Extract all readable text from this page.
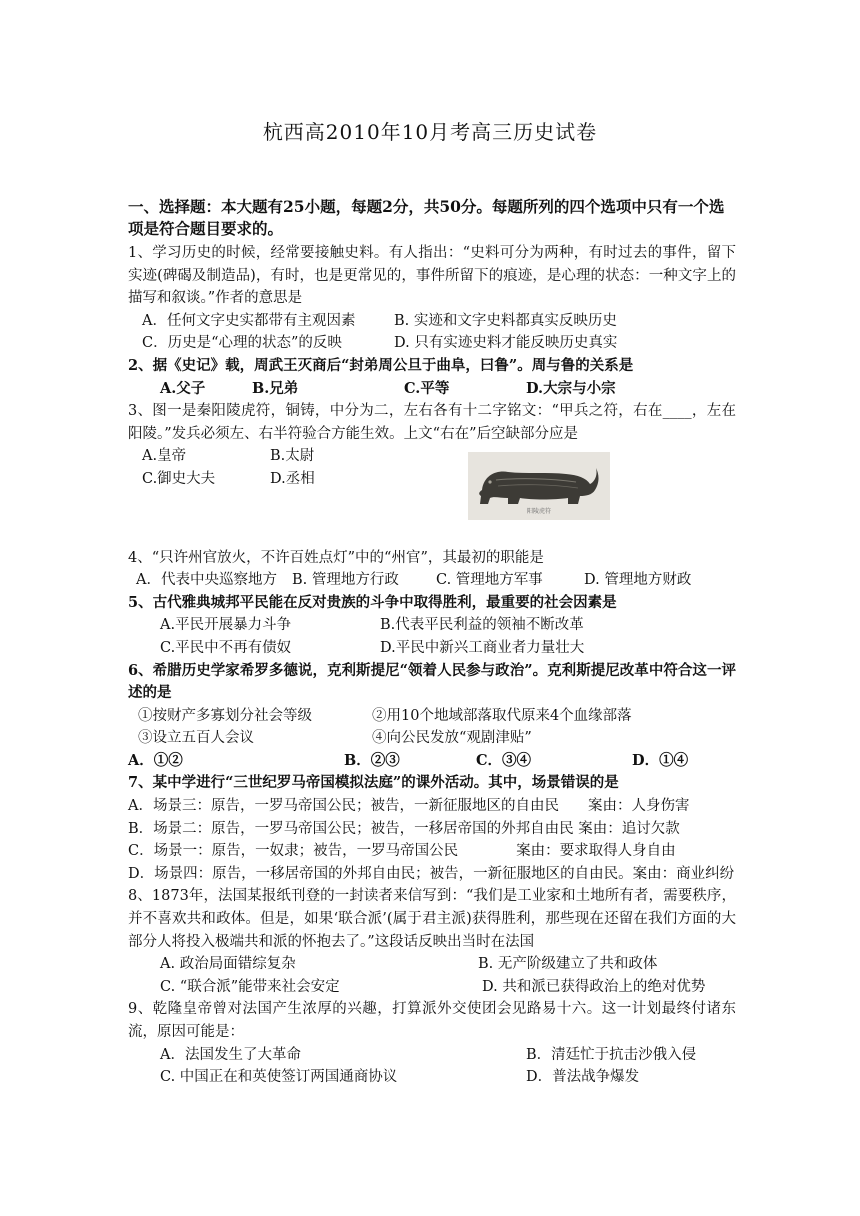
杭西高2010年10月考高三历史试卷
一、选择题：本大题有25小题，每题2分，共50分。每题所列的四个选项中只有一个选项是符合题目要求的。
1、学习历史的时候，经常要接触史料。有人指出：“史料可分为两种，有时过去的事件，留下实迹(碑碣及制造品)，有时，也是更常见的，事件所留下的痕迹，是心理的状态：一种文字上的描写和叙谈。”作者的意思是
A．任何文字史实都带有主观因素	B. 实迹和文字史料都真实反映历史
C．历史是“心理的状态”的反映	D. 只有实迹史料才能反映历史真实
2、据《史记》载，周武王灭商后“封弟周公旦于曲阜，曰鲁”。周与鲁的关系是
A.父子	B.兄弟	C.平等	D.大宗与小宗
3、图一是秦阳陵虎符，铜铸，中分为二，左右各有十二字铭文：“甲兵之符，右在____，左在阳陵。”发兵必须左、右半符验合方能生效。上文“右在”后空缺部分应是
A.皇帝	B.太尉
C.御史大夫	D.丞相
4、“只许州官放火，不许百姓点灯”中的“州官”，其最初的职能是
A．代表中央巡察地方	B. 管理地方行政	C. 管理地方军事	D. 管理地方财政
5、古代雅典城邦平民能在反对贵族的斗争中取得胜利，最重要的社会因素是
A.平民开展暴力斗争	B.代表平民利益的领袖不断改革
C.平民中不再有债奴	D.平民中新兴工商业者力量壮大
6、希腊历史学家希罗多德说，克利斯提尼“领着人民参与政治”。克利斯提尼改革中符合这一评述的是
①按财产多寡划分社会等级	②用10个地域部落取代原来4个血缘部落
③设立五百人会议	④向公民发放“观剧津贴”
A．①②	B．②③	C．③④	D．①④
7、某中学进行“三世纪罗马帝国模拟法庭”的课外活动。其中，场景错误的是
A．场景三：原告，一罗马帝国公民；被告，一新征服地区的自由民　　案由：人身伤害
B．场景二：原告，一罗马帝国公民；被告，一移居帝国的外邦自由民 案由：追讨欠款
C．场景一：原告，一奴隶；被告，一罗马帝国公民　　　　案由：要求取得人身自由
D．场景四：原告，一移居帝国的外邦自由民；被告，一新征服地区的自由民。案由：商业纠纷
8、1873年，法国某报纸刊登的一封读者来信写到：“我们是工业家和土地所有者，需要秩序，并不喜欢共和政体。但是，如果‘联合派’(属于君主派)获得胜利，那些现在还留在我们方面的大部分人将投入极端共和派的怀抱去了。”这段话反映出当时在法国
A. 政治局面错综复杂	B. 无产阶级建立了共和政体
C. “联合派”能带来社会安定	D. 共和派已获得政治上的绝对优势
9、乾隆皇帝曾对法国产生浓厚的兴趣，打算派外交使团会见路易十六。这一计划最终付诸东流，原因可能是：
A．法国发生了大革命	B．清廷忙于抗击沙俄入侵
C. 中国正在和英使签订两国通商协议	D．普法战争爆发
阳陵虎符
